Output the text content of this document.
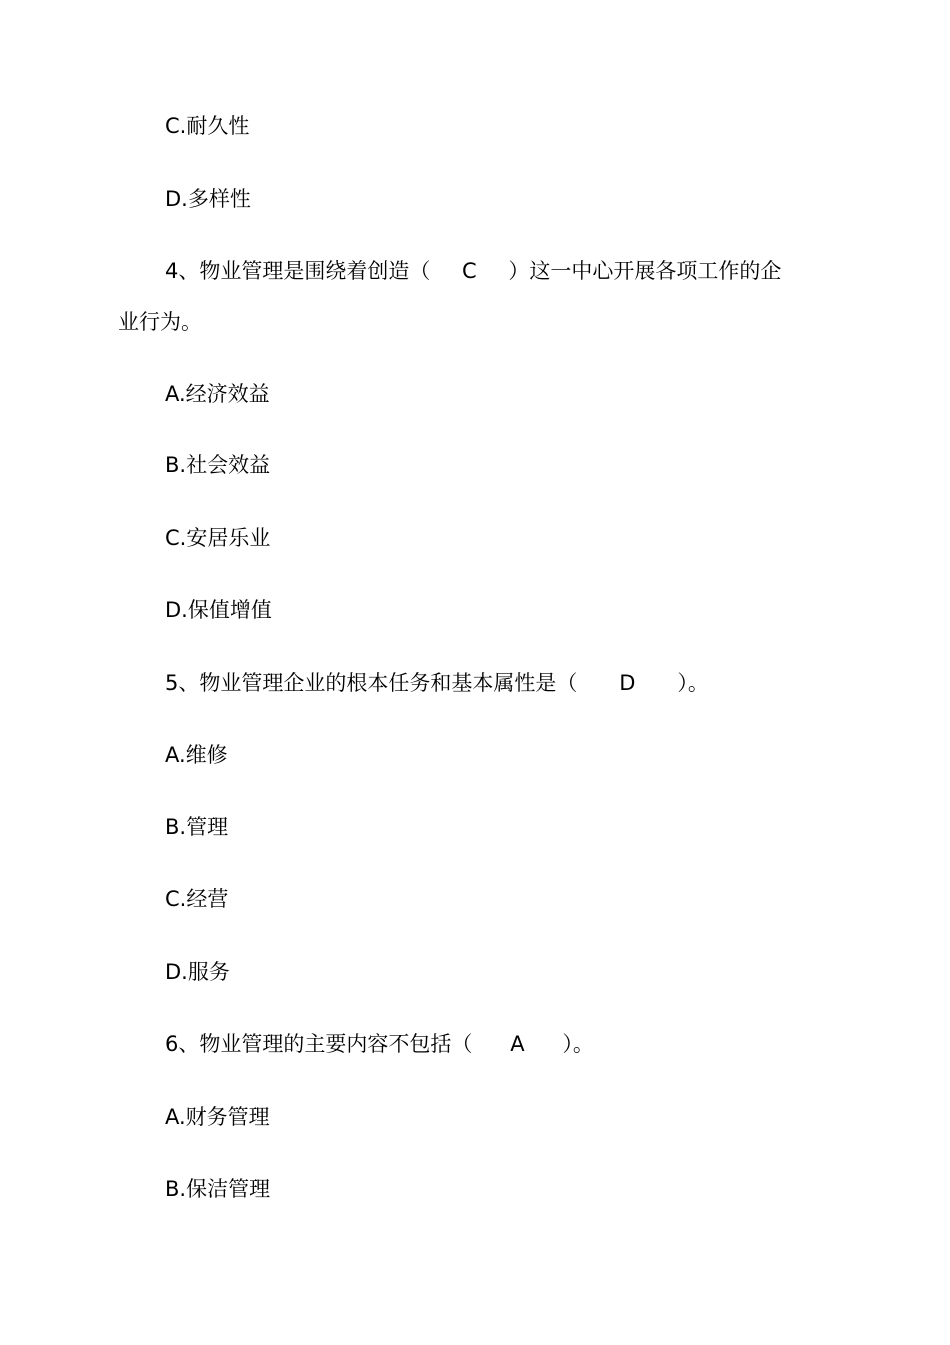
C.耐久性
D.多样性
4、物业管理是围绕着创造（ C ）这一中心开展各项工作的企
业行为。
A.经济效益
B.社会效益
C.安居乐业
D.保值增值
5、物业管理企业的根本任务和基本属性是（ D ）。
A.维修
B.管理
C.经营
D.服务
6、物业管理的主要内容不包括（ A ）。
A.财务管理
B.保洁管理
